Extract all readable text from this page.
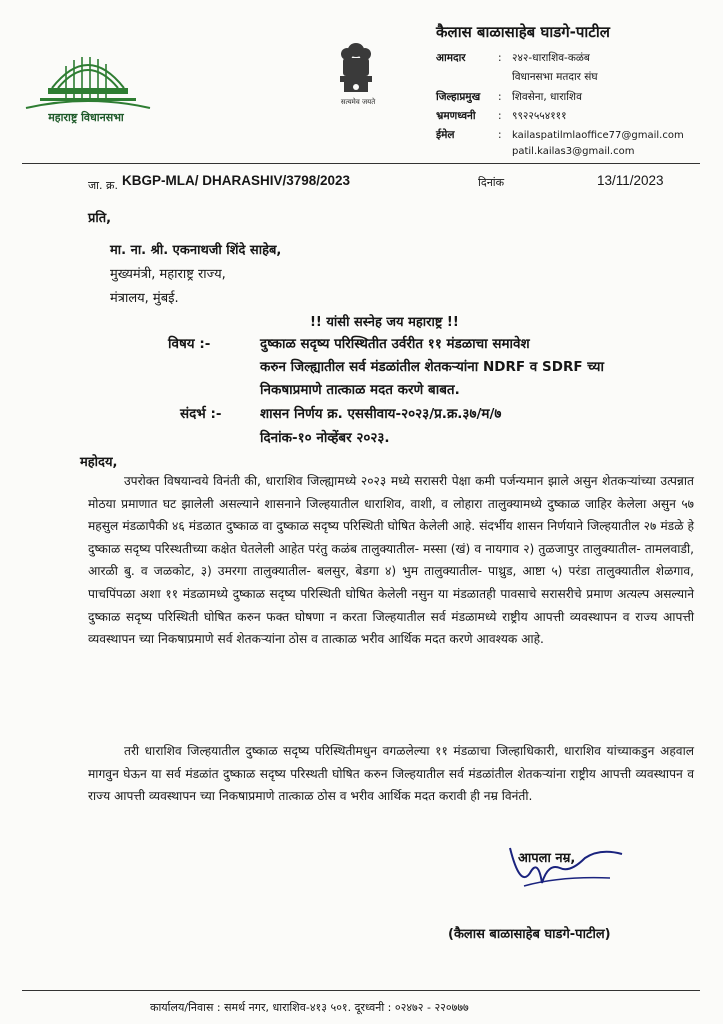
महाराष्ट्र विधानसभा
सत्यमेव जयते
कैलास बाळासाहेब घाडगे-पाटील
आमदार	: २४२-धाराशिव-कळंब
विधानसभा मतदार संघ
जिल्हाप्रमुख : शिवसेना, धाराशिव
भ्रमणध्वनी : ९९२२५५४१११
ईमेल	: kailaspatilmlaoffice77@gmail.com
patil.kailas3@gmail.com
जा. क्र. KBGP-MLA/ DHARASHIV/3798/2023	दिनांक	13/11/2023
प्रति,
मा. ना. श्री. एकनाथजी शिंदे साहेब,
मुख्यमंत्री, महाराष्ट्र राज्य,
मंत्रालय, मुंबई.
!! यांसी सस्नेह जय महाराष्ट्र !!
विषय :-	दुष्काळ सदृष्य परिस्थितीत उर्वरीत ११ मंडळाचा समावेश
करुन जिल्ह्यातील सर्व मंडळांतील शेतकऱ्यांना NDRF व SDRF च्या
निकषाप्रमाणे तात्काळ मदत करणे बाबत.
संदर्भ :-	शासन निर्णय क्र. एससीवाय-२०२३/प्र.क्र.३७/म/७
दिनांक-१० नोव्हेंबर २०२३.
महोदय,
उपरोक्त विषयान्वये विनंती की, धाराशिव जिल्ह्यामध्ये २०२३ मध्ये सरासरी पेक्षा कमी पर्जन्यमान झाले असुन शेतकऱ्यांच्या उत्पन्नात मोठया प्रमाणात घट झालेली असल्याने शासनाने जिल्हयातील धाराशिव, वाशी, व लोहारा तालुक्यामध्ये दुष्काळ जाहिर केलेला असुन ५७ महसुल मंडळापैकी ४६ मंडळात दुष्काळ वा दुष्काळ सदृष्य परिस्थिती घोषित केलेली आहे. संदर्भीय शासन निर्णयाने जिल्हयातील २७ मंडळे हे दुष्काळ सदृष्य परिस्थतीच्या कक्षेत घेतलेली आहेत परंतु कळंब तालुक्यातील- मस्सा (खं) व नायगाव २) तुळजापुर तालुक्यातील- तामलवाडी, आरळी बु. व जळकोट, ३) उमरगा तालुक्यातील- बलसुर, बेडगा ४) भुम तालुक्यातील- पाथ्रुड, आष्टा ५) परंडा तालुक्यातील शेळगाव, पाचपिंपळा अशा ११ मंडळामध्ये दुष्काळ सदृष्य परिस्थिती घोषित केलेली नसुन या मंडळातही पावसाचे सरासरीचे प्रमाण अत्यल्प असल्याने दुष्काळ सदृष्य परिस्थिती घोषित करुन फक्त घोषणा न करता जिल्हयातील सर्व मंडळामध्ये राष्ट्रीय आपत्ती व्यवस्थापन व राज्य आपत्ती व्यवस्थापन च्या निकषाप्रमाणे सर्व शेतकऱ्यांना ठोस व तात्काळ भरीव आर्थिक मदत करणे आवश्यक आहे.
तरी धाराशिव जिल्हयातील दुष्काळ सदृष्य परिस्थितीमधुन वगळलेल्या ११ मंडळाचा जिल्हाधिकारी, धाराशिव यांच्याकडुन अहवाल मागवुन घेऊन या सर्व मंडळांत दुष्काळ सदृष्य परिस्थती घोषित करुन जिल्हयातील सर्व मंडळांतील शेतकऱ्यांना राष्ट्रीय आपत्ती व्यवस्थापन व राज्य आपत्ती व्यवस्थापन च्या निकषाप्रमाणे तात्काळ ठोस व भरीव आर्थिक मदत करावी ही नम्र विनंती.
आपला नम्र,
(कैलास बाळासाहेब घाडगे-पाटील)
कार्यालय/निवास : समर्थ नगर, धाराशिव-४१३ ५०१. दूरध्वनी : ०२४७२ - २२०७७७
